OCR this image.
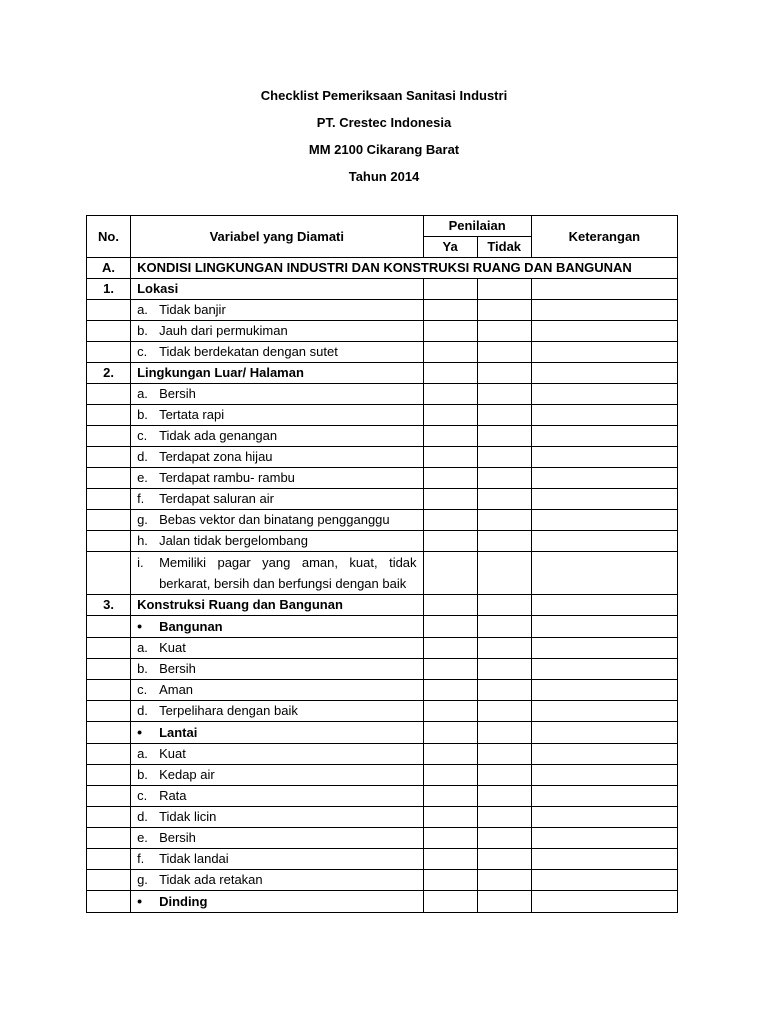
Checklist Pemeriksaan Sanitasi Industri
PT. Crestec Indonesia
MM 2100 Cikarang Barat
Tahun 2014
No.	Variabel yang Diamati	Penilaian		Keterangan
		Ya	Tidak	
A.	KONDISI LINGKUNGAN INDUSTRI DAN KONSTRUKSI RUANG DAN BANGUNAN			
1.	Lokasi			
	a. Tidak banjir			
	b. Jauh dari permukiman			
	c. Tidak berdekatan dengan sutet			
2.	Lingkungan Luar/ Halaman			
	a. Bersih			
	b. Tertata rapi			
	c. Tidak ada genangan			
	d. Terdapat zona hijau			
	e. Terdapat rambu- rambu			
	f. Terdapat saluran air			
	g. Bebas vektor dan binatang pengganggu			
	h. Jalan tidak bergelombang			

	i. Memiliki pagar yang aman, kuat, tidak berkarat, bersih dan berfungsi dengan baik			

3.	Konstruksi Ruang dan Bangunan			
	• Bangunan			
	a. Kuat			
	b. Bersih			
	c. Aman			
	d. Terpelihara dengan baik			
	• Lantai			
	a. Kuat			
	b. Kedap air			
	c. Rata			
	d. Tidak licin			
	e. Bersih			
	f. Tidak landai			
	g. Tidak ada retakan			
	• Dinding			
